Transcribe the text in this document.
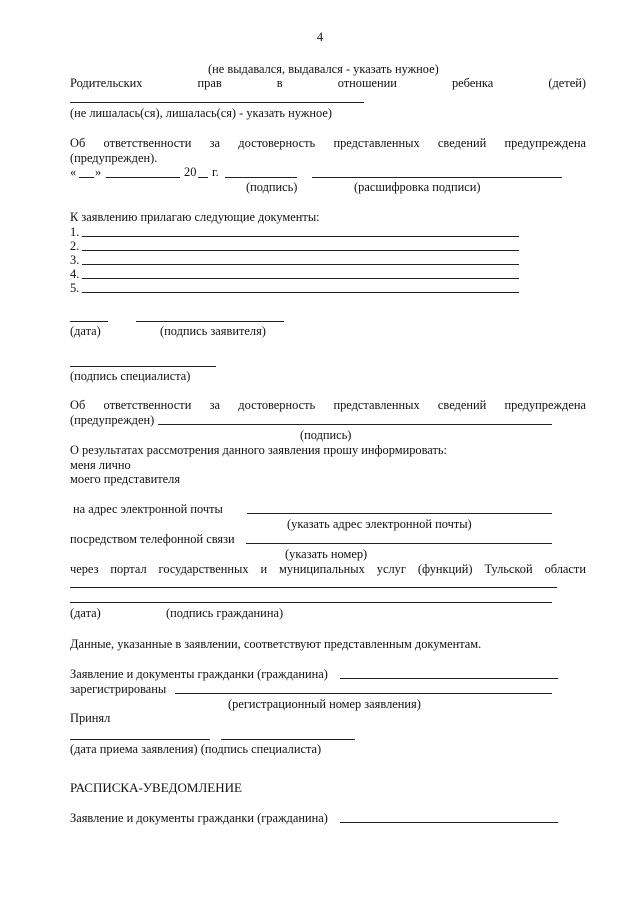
4
(не выдавался, выдавался - указать нужное)
Родительских	прав	в	отношении	ребенка	(детей)
(не лишалась(ся), лишалась(ся) - указать нужное)
Об ответственности за достоверность представленных сведений предупреждена
(предупрежден).
« »	20 г.
(подпись)	(расшифровка подписи)
К заявлению прилагаю следующие документы:
1.
2.
3.
4.
5.
(дата)	(подпись заявителя)
(подпись специалиста)
Об ответственности за достоверность представленных сведений предупреждена
(предупрежден)
(подпись)
О результатах рассмотрения данного заявления прошу информировать:
меня лично
моего представителя
на адрес электронной почты
(указать адрес электронной почты)
посредством телефонной связи
(указать номер)
через портал государственных и муниципальных услуг (функций) Тульской области
(дата)	(подпись гражданина)
Данные, указанные в заявлении, соответствуют представленным документам.
Заявление и документы гражданки (гражданина)
зарегистрированы
(регистрационный номер заявления)
Принял
(дата приема заявления) (подпись специалиста)
РАСПИСКА-УВЕДОМЛЕНИЕ
Заявление и документы гражданки (гражданина)
